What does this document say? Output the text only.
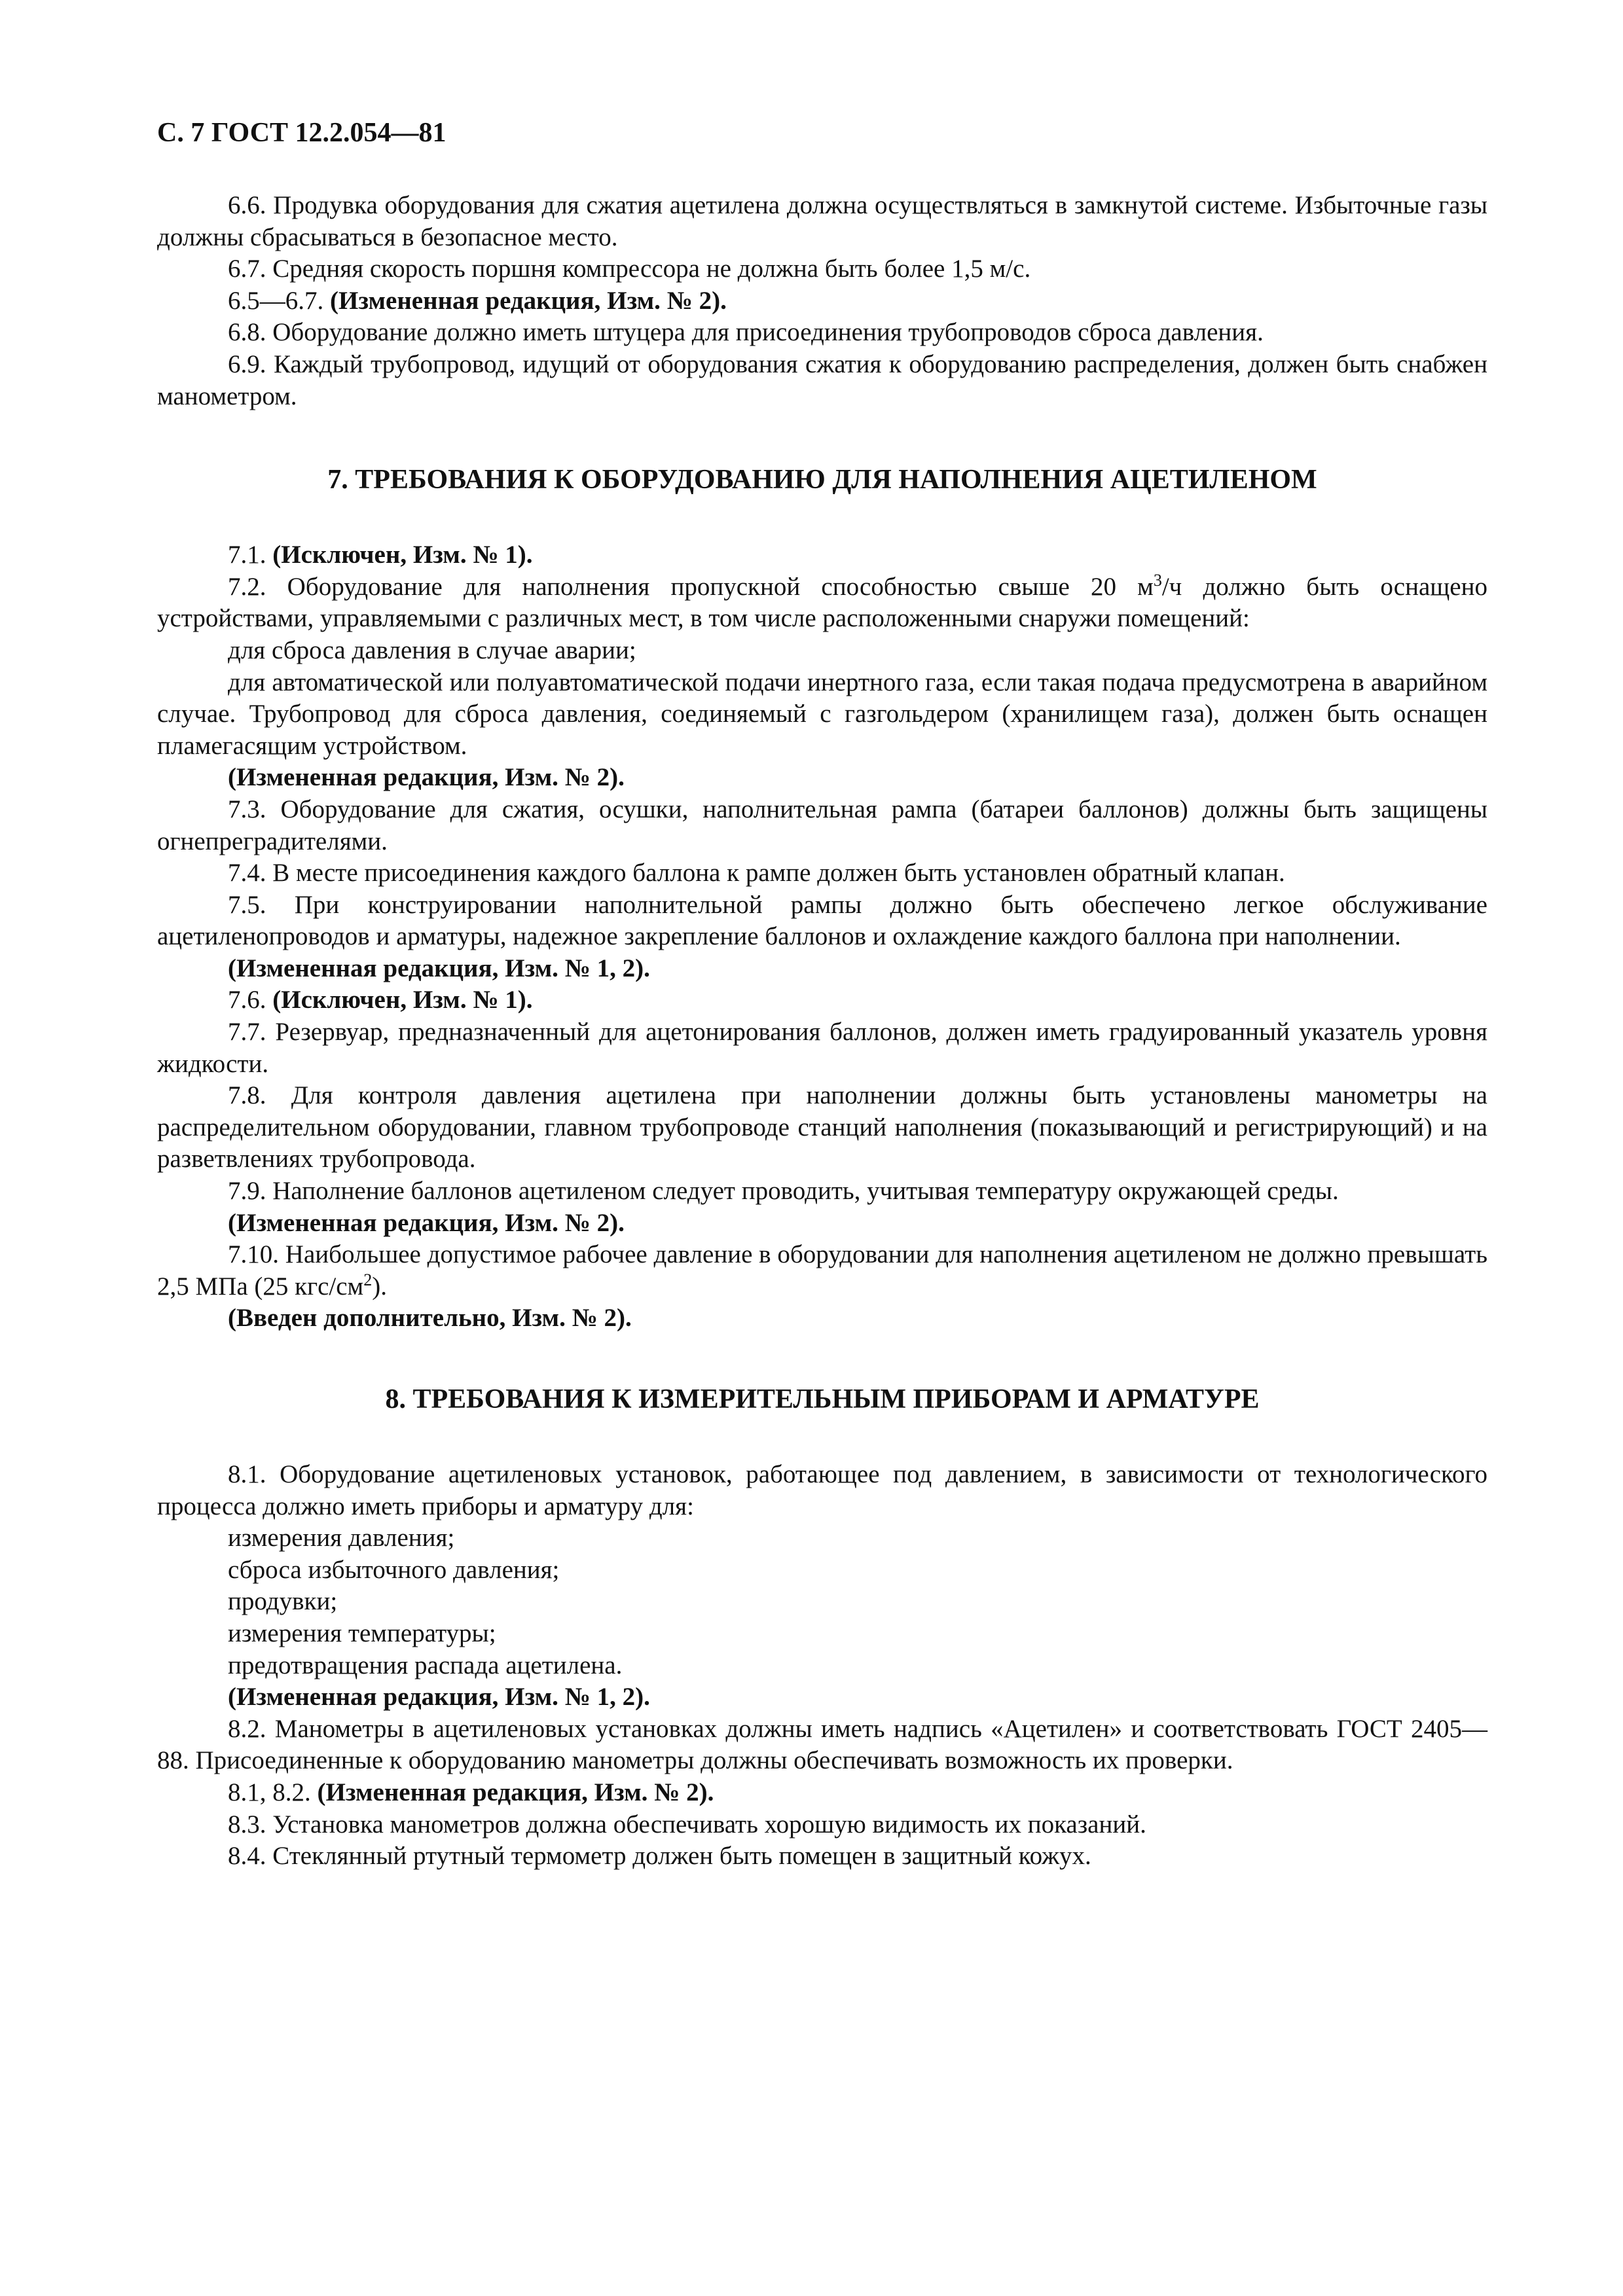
С. 7 ГОСТ 12.2.054—81

6.6. Продувка оборудования для сжатия ацетилена должна осуществляться в замкнутой системе. Избыточные газы должны сбрасываться в безопасное место.

6.7. Средняя скорость поршня компрессора не должна быть более 1,5 м/с.

6.5—6.7. (Измененная редакция, Изм. № 2).

6.8. Оборудование должно иметь штуцера для присоединения трубопроводов сброса давления.

6.9. Каждый трубопровод, идущий от оборудования сжатия к оборудованию распределения, должен быть снабжен манометром.

7. ТРЕБОВАНИЯ К ОБОРУДОВАНИЮ ДЛЯ НАПОЛНЕНИЯ АЦЕТИЛЕНОМ

7.1. (Исключен, Изм. № 1).

7.2. Оборудование для наполнения пропускной способностью свыше 20 $м^3/ч$ должно быть оснащено устройствами, управляемыми с различных мест, в том числе расположенными снаружи помещений:

для сброса давления в случае аварии;

для автоматической или полуавтоматической подачи инертного газа, если такая подача предусмотрена в аварийном случае. Трубопровод для сброса давления, соединяемый с газгольдером (хранилищем газа), должен быть оснащен пламегасящим устройством.

(Измененная редакция, Изм. № 2).

7.3. Оборудование для сжатия, осушки, наполнительная рампа (батареи баллонов) должны быть защищены огнепреградителями.

7.4. В месте присоединения каждого баллона к рампе должен быть установлен обратный клапан.

7.5. При конструировании наполнительной рампы должно быть обеспечено легкое обслуживание ацетиленопроводов и арматуры, надежное закрепление баллонов и охлаждение каждого баллона при наполнении.

(Измененная редакция, Изм. № 1, 2).

7.6. (Исключен, Изм. № 1).

7.7. Резервуар, предназначенный для ацетонирования баллонов, должен иметь градуированный указатель уровня жидкости.

7.8. Для контроля давления ацетилена при наполнении должны быть установлены манометры на распределительном оборудовании, главном трубопроводе станций наполнения (показывающий и регистрирующий) и на разветвлениях трубопровода.

7.9. Наполнение баллонов ацетиленом следует проводить, учитывая температуру окружающей среды.

(Измененная редакция, Изм. № 2).

7.10. Наибольшее допустимое рабочее давление в оборудовании для наполнения ацетиленом не должно превышать 2,5 МПа (25 кгс/$см^2$).

(Введен дополнительно, Изм. № 2).

8. ТРЕБОВАНИЯ К ИЗМЕРИТЕЛЬНЫМ ПРИБОРАМ И АРМАТУРЕ

8.1. Оборудование ацетиленовых установок, работающее под давлением, в зависимости от технологического процесса должно иметь приборы и арматуру для:

измерения давления;

сброса избыточного давления;

продувки;

измерения температуры;

предотвращения распада ацетилена.

(Измененная редакция, Изм. № 1, 2).

8.2. Манометры в ацетиленовых установках должны иметь надпись «Ацетилен» и соответствовать ГОСТ 2405—88. Присоединенные к оборудованию манометры должны обеспечивать возможность их проверки.

8.1, 8.2. (Измененная редакция, Изм. № 2).

8.3. Установка манометров должна обеспечивать хорошую видимость их показаний.

8.4. Стеклянный ртутный термометр должен быть помещен в защитный кожух.
